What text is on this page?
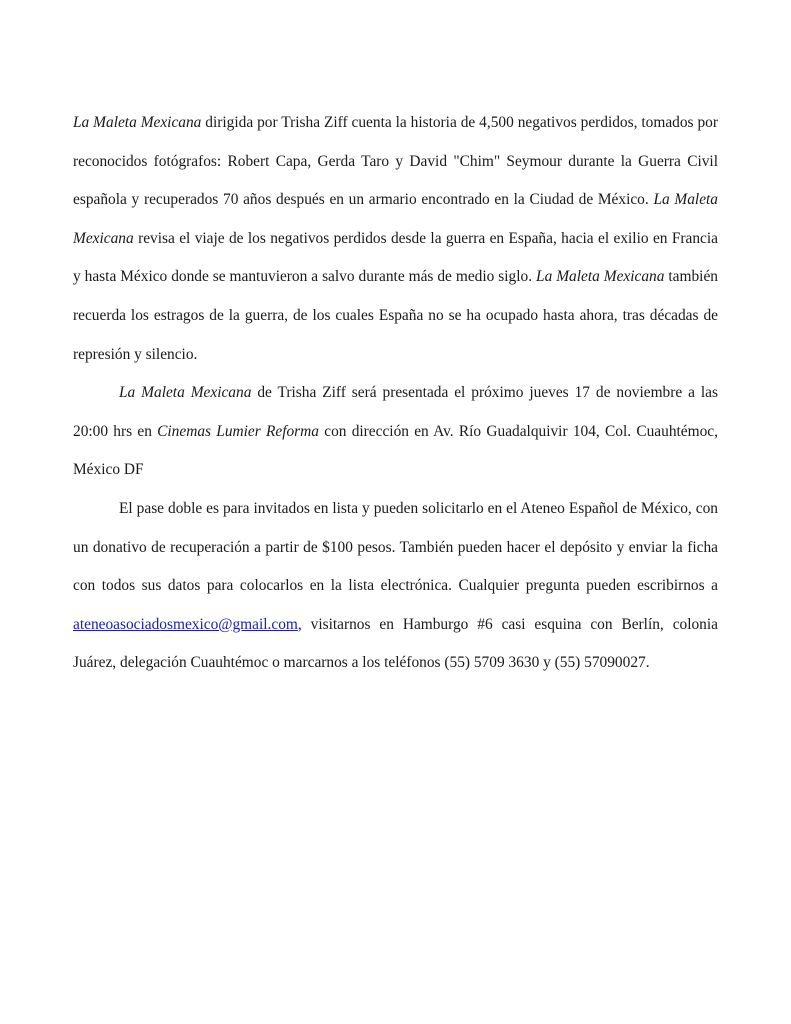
La Maleta Mexicana dirigida por Trisha Ziff cuenta la historia de 4,500 negativos perdidos, tomados por reconocidos fotógrafos: Robert Capa, Gerda Taro y David "Chim" Seymour durante la Guerra Civil española y recuperados 70 años después en un armario encontrado en la Ciudad de México. La Maleta Mexicana revisa el viaje de los negativos perdidos desde la guerra en España, hacia el exilio en Francia y hasta México donde se mantuvieron a salvo durante más de medio siglo. La Maleta Mexicana también recuerda los estragos de la guerra, de los cuales España no se ha ocupado hasta ahora, tras décadas de represión y silencio.

La Maleta Mexicana de Trisha Ziff será presentada el próximo jueves 17 de noviembre a las 20:00 hrs en Cinemas Lumier Reforma con dirección en Av. Río Guadalquivir 104, Col. Cuauhtémoc, México DF

El pase doble es para invitados en lista y pueden solicitarlo en el Ateneo Español de México, con un donativo de recuperación a partir de $100 pesos. También pueden hacer el depósito y enviar la ficha con todos sus datos para colocarlos en la lista electrónica. Cualquier pregunta pueden escribirnos a ateneoasociadosmexico@gmail.com, visitarnos en Hamburgo #6 casi esquina con Berlín, colonia Juárez, delegación Cuauhtémoc o marcarnos a los teléfonos (55) 5709 3630 y (55) 57090027.
